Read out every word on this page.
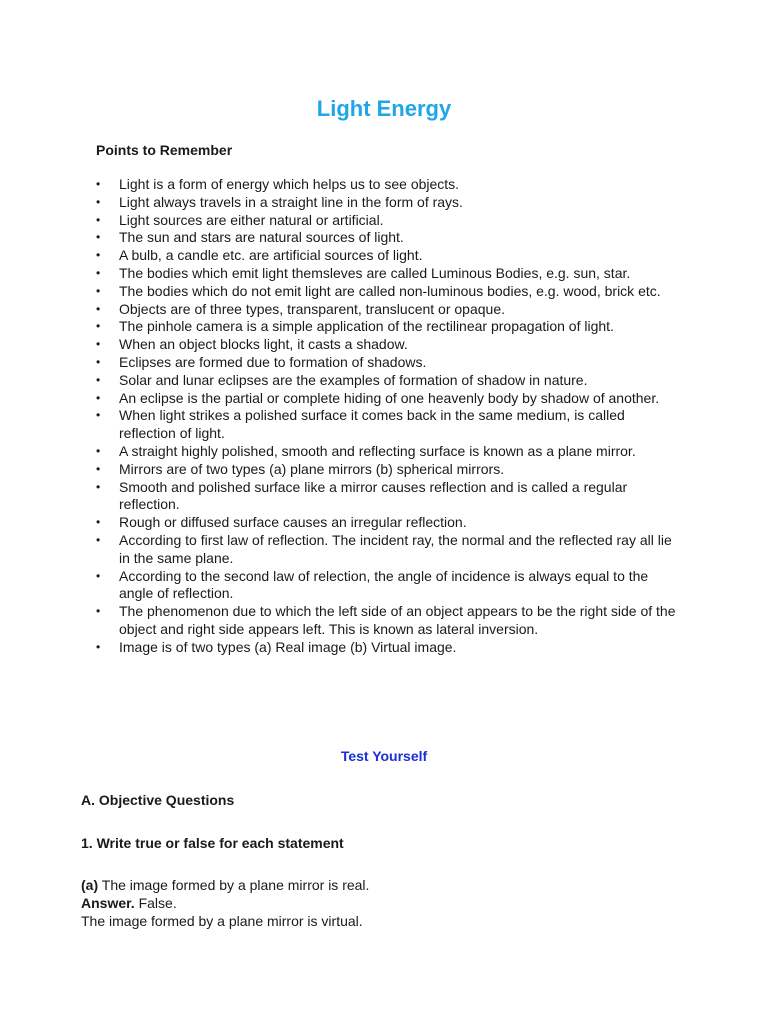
Light Energy
Points to Remember
• Light is a form of energy which helps us to see objects.
• Light always travels in a straight line in the form of rays.
• Light sources are either natural or artificial.
• The sun and stars are natural sources of light.
• A bulb, a candle etc. are artificial sources of light.
• The bodies which emit light themsleves are called Luminous Bodies, e.g. sun, star.
• The bodies which do not emit light are called non-luminous bodies, e.g. wood, brick etc.
• Objects are of three types, transparent, translucent or opaque.
• The pinhole camera is a simple application of the rectilinear propagation of light.
• When an object blocks light, it casts a shadow.
• Eclipses are formed due to formation of shadows.
• Solar and lunar eclipses are the examples of formation of shadow in nature.
• An eclipse is the partial or complete hiding of one heavenly body by shadow of another.
• When light strikes a polished surface it comes back in the same medium, is called reflection of light.
• A straight highly polished, smooth and reflecting surface is known as a plane mirror.
• Mirrors are of two types (a) plane mirrors (b) spherical mirrors.
• Smooth and polished surface like a mirror causes reflection and is called a regular reflection.
• Rough or diffused surface causes an irregular reflection.
• According to first law of reflection. The incident ray, the normal and the reflected ray all lie in the same plane.
• According to the second law of relection, the angle of incidence is always equal to the angle of reflection.
• The phenomenon due to which the left side of an object appears to be the right side of the object and right side appears left. This is known as lateral inversion.
• Image is of two types (a) Real image (b) Virtual image.
Test Yourself
A. Objective Questions
1. Write true or false for each statement
(a) The image formed by a plane mirror is real.
Answer. False.
The image formed by a plane mirror is virtual.
